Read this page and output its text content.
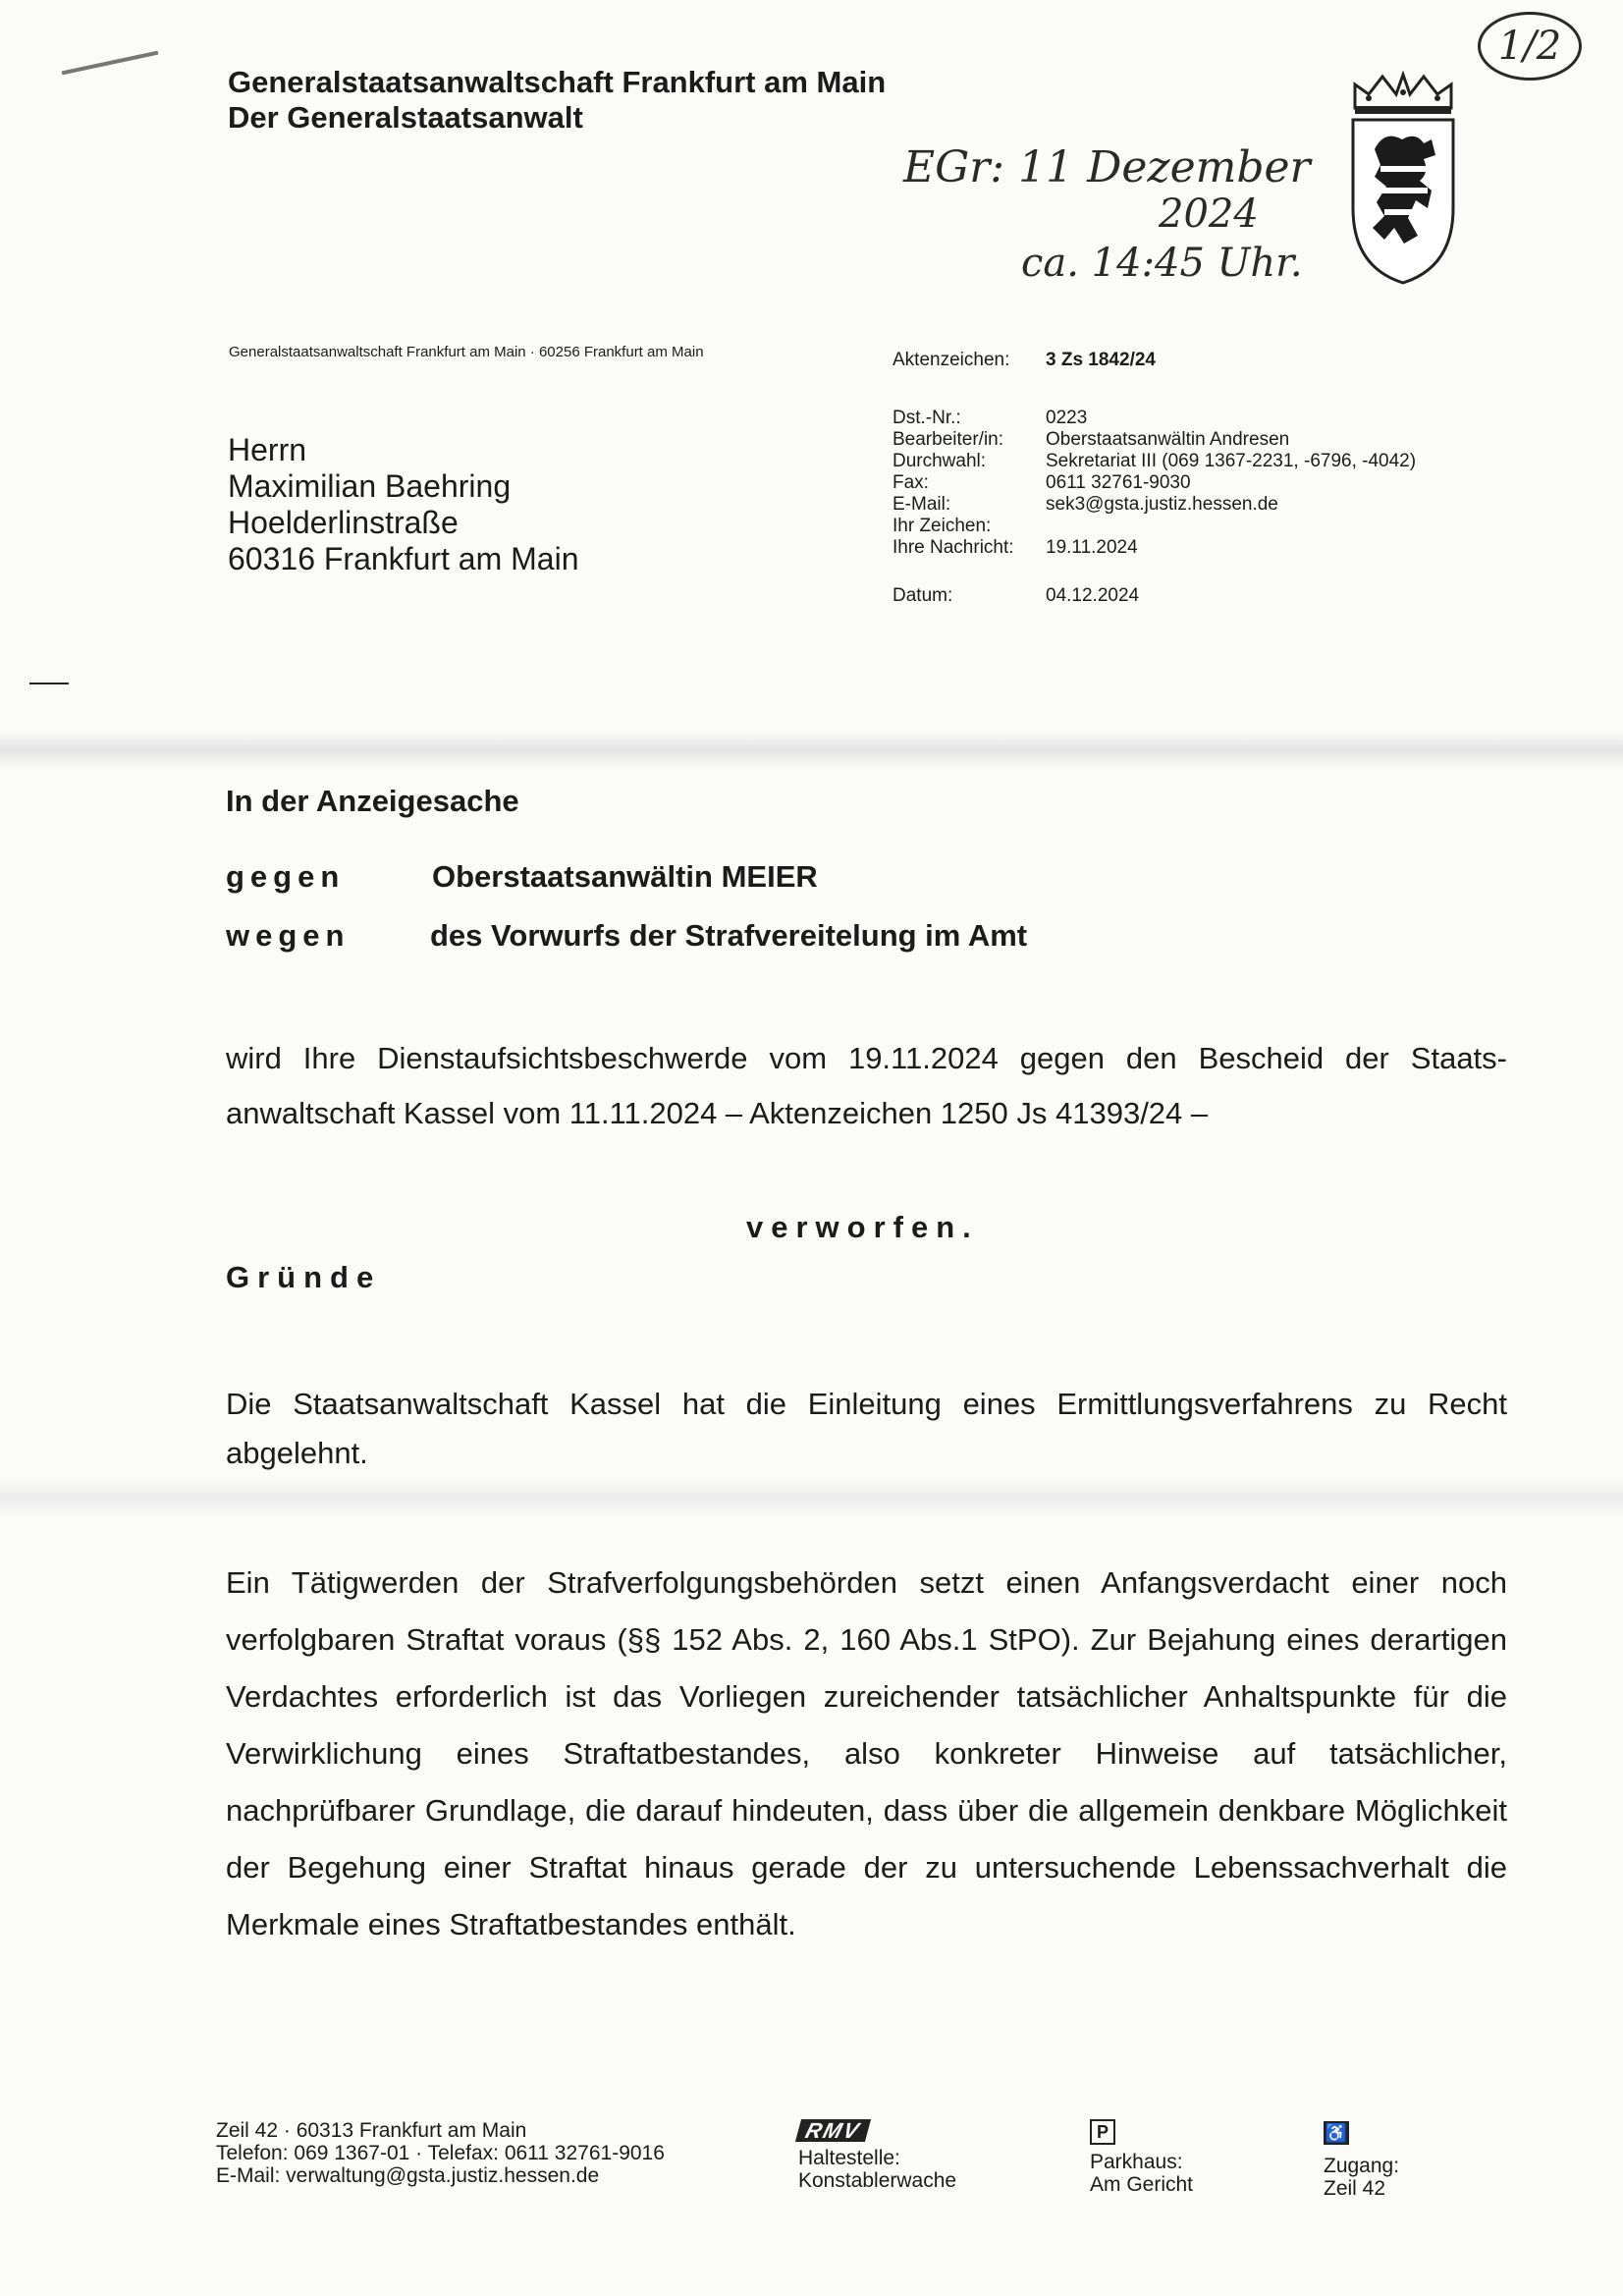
Generalstaatsanwaltschaft Frankfurt am Main
Der Generalstaatsanwalt
1/2
EGr: 11 Dezember
2024
ca. 14:45 Uhr.
Generalstaatsanwaltschaft Frankfurt am Main · 60256 Frankfurt am Main	Aktenzeichen:	3 Zs 1842/24
Dst.-Nr.:	0223
Bearbeiter/in:	Oberstaatsanwältin Andresen
Durchwahl:	Sekretariat III (069 1367-2231, -6796, -4042)
Fax:	0611 32761-9030
E-Mail:	sek3@gsta.justiz.hessen.de
Ihr Zeichen:
Ihre Nachricht:	19.11.2024
Datum:	04.12.2024
Herrn
Maximilian Baehring
Hoelderlinstraße
60316 Frankfurt am Main
In der Anzeigesache
gegen	Oberstaatsanwältin MEIER
wegen	des Vorwurfs der Strafvereitelung im Amt
wird Ihre Dienstaufsichtsbeschwerde vom 19.11.2024 gegen den Bescheid der Staatsanwaltschaft Kassel vom 11.11.2024 – Aktenzeichen 1250 Js 41393/24 –
verworfen.
Gründe
Die Staatsanwaltschaft Kassel hat die Einleitung eines Ermittlungsverfahrens zu Recht abgelehnt.
Ein Tätigwerden der Strafverfolgungsbehörden setzt einen Anfangsverdacht einer noch verfolgbaren Straftat voraus (§§ 152 Abs. 2, 160 Abs.1 StPO). Zur Bejahung eines derartigen Verdachtes erforderlich ist das Vorliegen zureichender tatsächlicher Anhaltspunkte für die Verwirklichung eines Straftatbestandes, also konkreter Hinweise auf tatsächlicher, nachprüfbarer Grundlage, die darauf hindeuten, dass über die allgemein denkbare Möglichkeit der Begehung einer Straftat hinaus gerade der zu untersuchende Lebenssachverhalt die Merkmale eines Straftatbestandes enthält.
Zeil 42 · 60313 Frankfurt am Main
Telefon: 069 1367-01 · Telefax: 0611 32761-9016
E-Mail: verwaltung@gsta.justiz.hessen.de
RMV
Haltestelle:
Konstablerwache
P
Parkhaus:
Am Gericht
♿
Zugang:
Zeil 42
